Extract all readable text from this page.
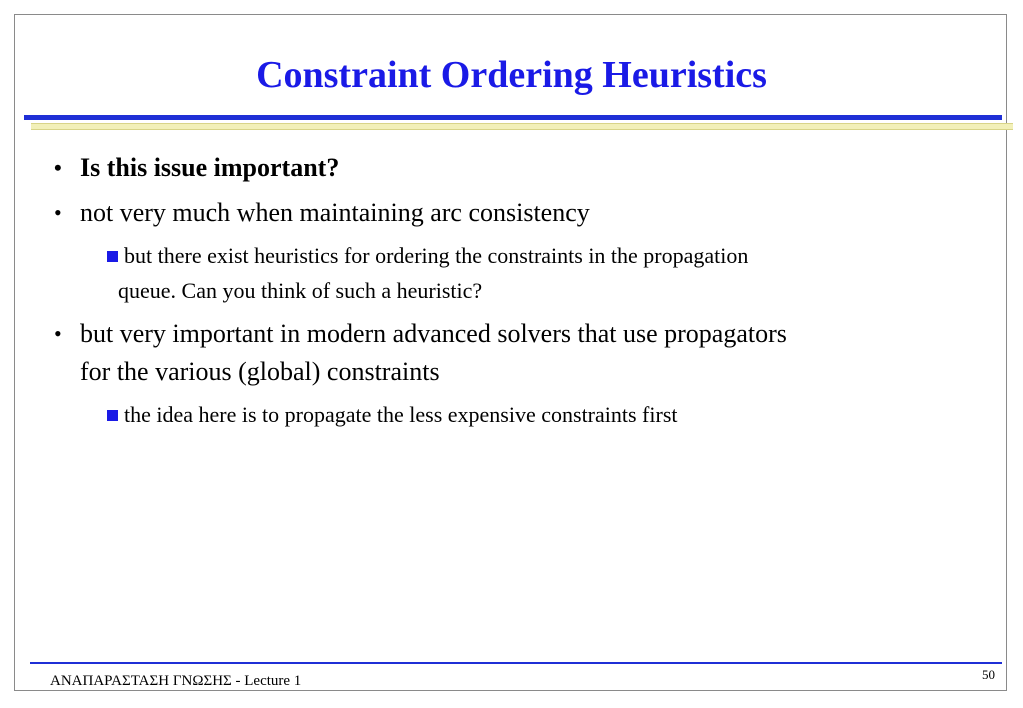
Constraint Ordering Heuristics
• Is this issue important?
• not very much when maintaining arc consistency
but there exist heuristics for ordering the constraints in the propagation
queue. Can you think of such a heuristic?
• but very important in modern advanced solvers that use propagators
for the various (global) constraints
the idea here is to propagate the less expensive constraints first
ΑΝΑΠΑΡΑΣΤΑΣΗ ΓΝΩΣΗΣ - Lecture 1	50
